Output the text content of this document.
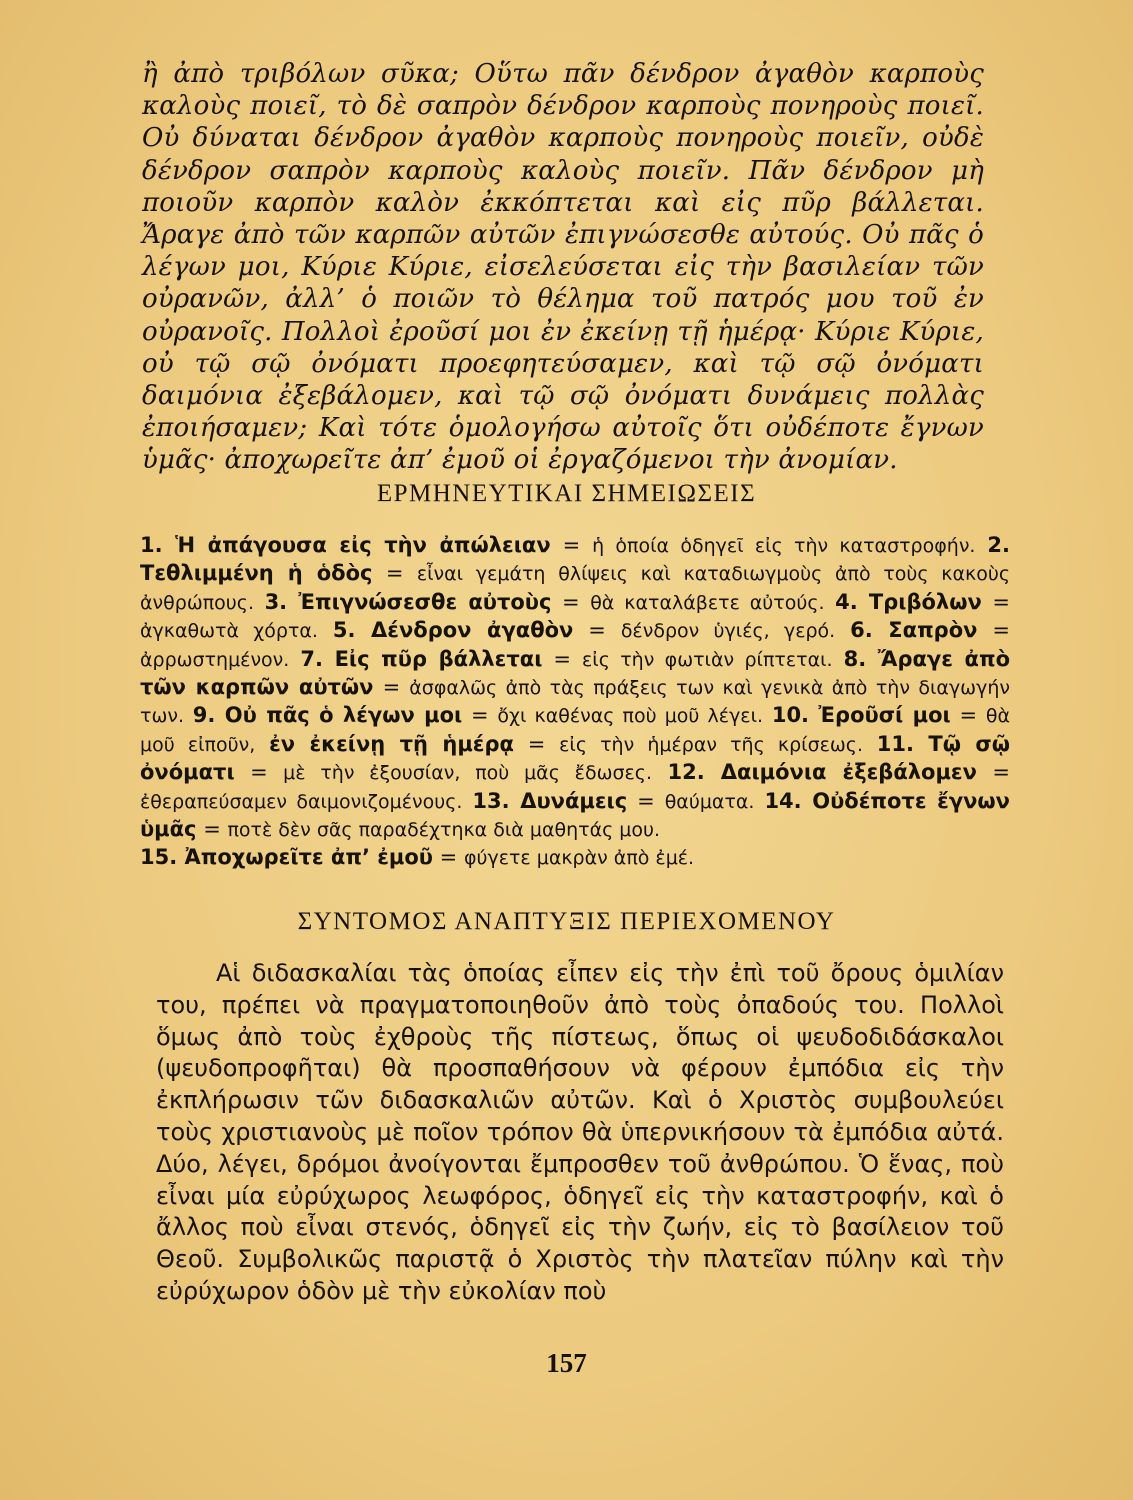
ἢ ἀπὸ τριβόλων σῦκα; Οὕτω πᾶν δένδρον ἀγαθὸν καρποὺς καλοὺς ποιεῖ, τὸ δὲ σαπρὸν δένδρον καρποὺς πονηροὺς ποιεῖ. Οὐ δύναται δένδρον ἀγαθὸν καρποὺς πονηροὺς ποιεῖν, οὐδὲ δένδρον σαπρὸν καρποὺς καλοὺς ποιεῖν. Πᾶν δένδρον μὴ ποιοῦν καρπὸν καλὸν ἐκκόπτεται καὶ εἰς πῦρ βάλλεται. Ἄραγε ἀπὸ τῶν καρπῶν αὐτῶν ἐπιγνώσεσθε αὐτούς. Οὐ πᾶς ὁ λέγων μοι, Κύριε Κύριε, εἰσελεύσεται εἰς τὴν βασιλείαν τῶν οὐρανῶν, ἀλλ’ ὁ ποιῶν τὸ θέλημα τοῦ πατρός μου τοῦ ἐν οὐρανοῖς. Πολλοὶ ἐροῦσί μοι ἐν ἐκείνῃ τῇ ἡμέρᾳ· Κύριε Κύριε, οὐ τῷ σῷ ὀνόματι προεφητεύσαμεν, καὶ τῷ σῷ ὀνόματι δαιμόνια ἐξεβάλομεν, καὶ τῷ σῷ ὀνόματι δυνάμεις πολλὰς ἐποιήσαμεν; Καὶ τότε ὁμολογήσω αὐτοῖς ὅτι οὐδέποτε ἔγνων ὑμᾶς· ἀποχωρεῖτε ἀπ’ ἐμοῦ οἱ ἐργαζόμενοι τὴν ἀνομίαν.

ΕΡΜΗΝΕΥΤΙΚΑΙ ΣΗΜΕΙΩΣΕΙΣ
1. Ἡ ἀπάγουσα εἰς τὴν ἀπώλειαν = ἡ ὁποία ὁδηγεῖ εἰς τὴν καταστροφήν. 2. Τεθλιμμένη ἡ ὁδὸς = εἶναι γεμάτη θλίψεις καὶ καταδιωγμοὺς ἀπὸ τοὺς κακοὺς ἀνθρώπους. 3. Ἐπιγνώσεσθε αὐτοὺς = θὰ καταλάβετε αὐτούς. 4. Τριβόλων = ἀγκαθωτὰ χόρτα. 5. Δένδρον ἀγαθὸν = δένδρον ὑγιές, γερό. 6. Σαπρὸν = ἀρρωστημένον. 7. Εἰς πῦρ βάλλεται = εἰς τὴν φωτιὰν ρίπτεται. 8. Ἄραγε ἀπὸ τῶν καρπῶν αὐτῶν = ἀσφαλῶς ἀπὸ τὰς πράξεις των καὶ γενικὰ ἀπὸ τὴν διαγωγήν των. 9. Οὐ πᾶς ὁ λέγων μοι = ὄχι καθένας ποὺ μοῦ λέγει. 10. Ἐροῦσί μοι = θὰ μοῦ εἰποῦν, ἐν ἐκείνῃ τῇ ἡμέρᾳ = εἰς τὴν ἡμέραν τῆς κρίσεως. 11. Τῷ σῷ ὀνόματι = μὲ τὴν ἐξουσίαν, ποὺ μᾶς ἔδωσες. 12. Δαιμόνια ἐξεβάλομεν = ἐθεραπεύσαμεν δαιμονιζομένους. 13. Δυνάμεις = θαύματα. 14. Οὐδέποτε ἔγνων ὑμᾶς = ποτὲ δὲν σᾶς παραδέχτηκα διὰ μαθητάς μου.
15. Ἀποχωρεῖτε ἀπ’ ἐμοῦ = φύγετε μακρὰν ἀπὸ ἐμέ.
ΣΥΝΤΟΜΟΣ ΑΝΑΠΤΥΞΙΣ ΠΕΡΙΕΧΟΜΕΝΟΥ

Αἱ διδασκαλίαι τὰς ὁποίας εἶπεν εἰς τὴν ἐπὶ τοῦ ὄρους ὁμιλίαν του, πρέπει νὰ πραγματοποιηθοῦν ἀπὸ τοὺς ὀπαδούς του. Πολλοὶ ὅμως ἀπὸ τοὺς ἐχθροὺς τῆς πίστεως, ὅπως οἱ ψευδοδιδάσκαλοι (ψευδοπροφῆται) θὰ προσπαθήσουν νὰ φέρουν ἐμπόδια εἰς τὴν ἐκπλήρωσιν τῶν διδασκαλιῶν αὐτῶν. Καὶ ὁ Χριστὸς συμβουλεύει τοὺς χριστιανοὺς μὲ ποῖον τρόπον θὰ ὑπερνικήσουν τὰ ἐμπόδια αὐτά. Δύο, λέγει, δρόμοι ἀνοίγονται ἔμπροσθεν τοῦ ἀνθρώπου. Ὁ ἕνας, ποὺ εἶναι μία εὐρύχωρος λεωφόρος, ὁδηγεῖ εἰς τὴν καταστροφήν, καὶ ὁ ἄλλος ποὺ εἶναι στενός, ὁδηγεῖ εἰς τὴν ζωήν, εἰς τὸ βασίλειον τοῦ Θεοῦ. Συμβολικῶς παριστᾷ ὁ Χριστὸς τὴν πλατεῖαν πύλην καὶ τὴν εὐρύχωρον ὁδὸν μὲ τὴν εὐκολίαν ποὺ

157
